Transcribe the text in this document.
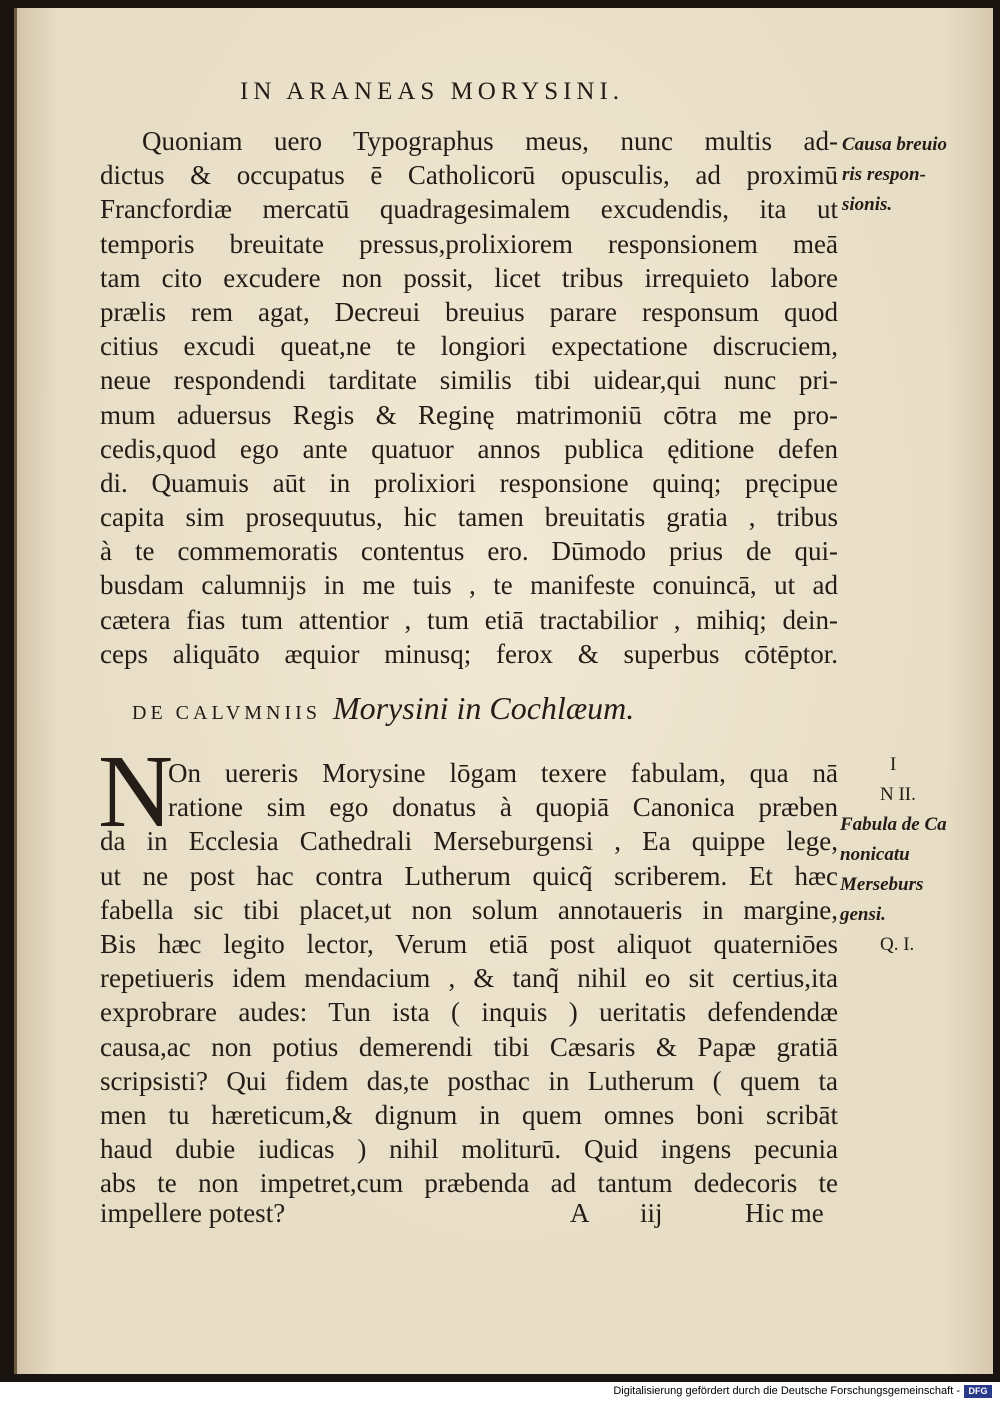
IN ARANEAS MORYSINI.
Quoniam uero Typographus meus, nunc multis ad-
dictus & occupatus ē Catholicorū opusculis, ad proximū
Francfordiæ mercatū quadragesimalem excudendis, ita ut
temporis breuitate pressus,prolixiorem responsionem meā
tam cito excudere non possit, licet tribus irrequieto labore
prælis rem agat, Decreui breuius parare responsum quod
citius excudi queat,ne te longiori expectatione discruciem,
neue respondendi tarditate similis tibi uidear,qui nunc pri-
mum aduersus Regis & Reginę matrimoniū cōtra me pro-
cedis,quod ego ante quatuor annos publica ęditione defen
di. Quamuis aūt in prolixiori responsione quinq; pręcipue
capita sim prosequutus, hic tamen breuitatis gratia , tribus
à te commemoratis contentus ero. Dūmodo prius de qui-
busdam calumnijs in me tuis , te manifeste conuincā, ut ad
cætera fias tum attentior , tum etiā tractabilior , mihiq; dein-
ceps aliquāto æquior minusq; ferox & superbus cōtēptor.
DE CALVMNIIS Morysini in Cochlæum.
N
On uereris Morysine lōgam texere fabulam, qua nā
ratione sim ego donatus à quopiā Canonica præben
da in Ecclesia Cathedrali Merseburgensi , Ea quippe lege,
ut ne post hac contra Lutherum quicq̃ scriberem. Et hæc
fabella sic tibi placet,ut non solum annotaueris in margine,
Bis hæc legito lector, Verum etiā post aliquot quaterniōes
repetiueris idem mendacium , & tanq̃ nihil eo sit certius,ita
exprobrare audes: Tun ista ( inquis ) ueritatis defendendæ
causa,ac non potius demerendi tibi Cæsaris & Papæ gratiā
scripsisti? Qui fidem das,te posthac in Lutherum ( quem ta
men tu hæreticum,& dignum in quem omnes boni scribāt
haud dubie iudicas ) nihil moliturū. Quid ingens pecunia
abs te non impetret,cum præbenda ad tantum dedecoris te
impellere potest?	A iij	Hic me
Causa breuio
ris respon-
sionis.
I
N II.
Fabula de Ca
nonicatu
Merseburs
gensi.
Q. I.
Digitalisierung gefördert durch die Deutsche Forschungsgemeinschaft - DFG
